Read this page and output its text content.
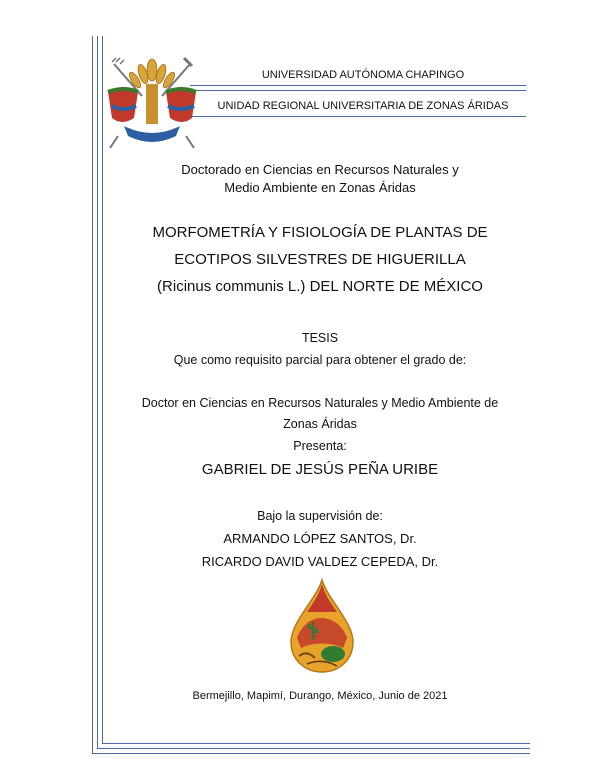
UNIVERSIDAD AUTÓNOMA CHAPINGO
UNIDAD REGIONAL UNIVERSITARIA DE ZONAS ÁRIDAS
Doctorado en Ciencias en Recursos Naturales y
Medio Ambiente en Zonas Áridas
MORFOMETRÍA Y FISIOLOGÍA DE PLANTAS DE
ECOTIPOS SILVESTRES DE HIGUERILLA
(Ricinus communis L.) DEL NORTE DE MÉXICO
TESIS
Que como requisito parcial para obtener el grado de:
Doctor en Ciencias en Recursos Naturales y Medio Ambiente de
Zonas Áridas
Presenta:
GABRIEL DE JESÚS PEÑA URIBE
Bajo la supervisión de:
ARMANDO LÓPEZ SANTOS, Dr.
RICARDO DAVID VALDEZ CEPEDA, Dr.
Bermejillo, Mapimí, Durango, México, Junio de 2021
